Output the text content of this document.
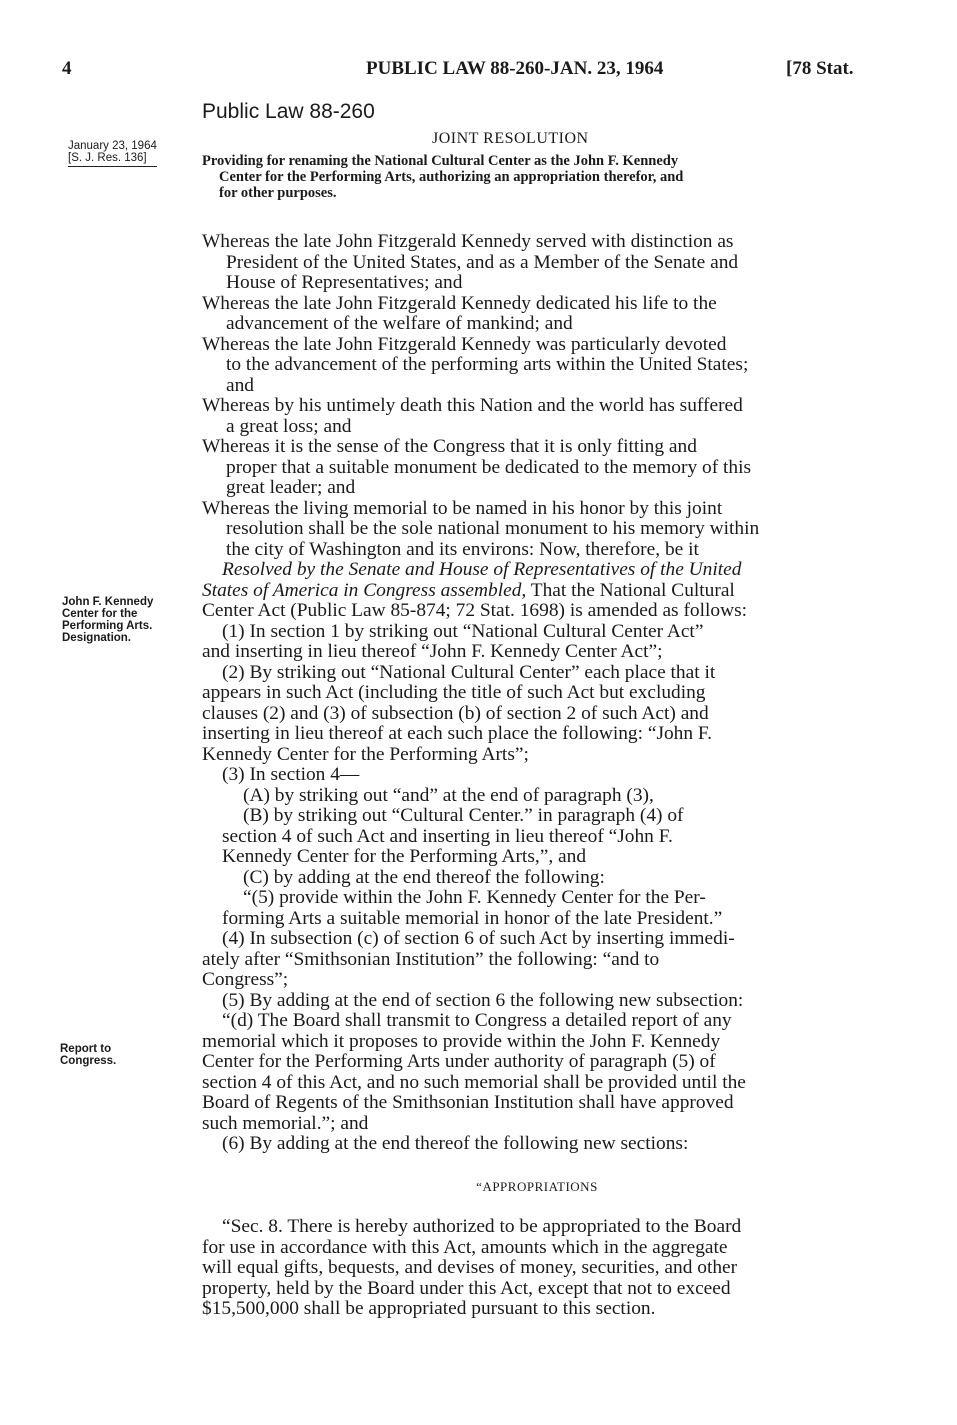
4	PUBLIC LAW 88-260-JAN. 23, 1964	[78 Stat.
Public Law 88-260
January 23, 1964
[S. J. Res. 136]
JOINT RESOLUTION
Providing for renaming the National Cultural Center as the John F. Kennedy
Center for the Performing Arts, authorizing an appropriation therefor, and
for other purposes.
John F. Kennedy
Center for the
Performing Arts.
Designation.
Report to
Congress.
Whereas the late John Fitzgerald Kennedy served with distinction as
President of the United States, and as a Member of the Senate and
House of Representatives; and
Whereas the late John Fitzgerald Kennedy dedicated his life to the
advancement of the welfare of mankind; and
Whereas the late John Fitzgerald Kennedy was particularly devoted
to the advancement of the performing arts within the United States;
and
Whereas by his untimely death this Nation and the world has suffered
a great loss; and
Whereas it is the sense of the Congress that it is only fitting and
proper that a suitable monument be dedicated to the memory of this
great leader; and
Whereas the living memorial to be named in his honor by this joint
resolution shall be the sole national monument to his memory within
the city of Washington and its environs: Now, therefore, be it
Resolved by the Senate and House of Representatives of the United
States of America in Congress assembled, That the National Cultural
Center Act (Public Law 85-874; 72 Stat. 1698) is amended as follows:
(1) In section 1 by striking out “National Cultural Center Act”
and inserting in lieu thereof “John F. Kennedy Center Act”;
(2) By striking out “National Cultural Center” each place that it
appears in such Act (including the title of such Act but excluding
clauses (2) and (3) of subsection (b) of section 2 of such Act) and
inserting in lieu thereof at each such place the following: “John F.
Kennedy Center for the Performing Arts”;
(3) In section 4—
(A) by striking out “and” at the end of paragraph (3),
(B) by striking out “Cultural Center.” in paragraph (4) of
section 4 of such Act and inserting in lieu thereof “John F.
Kennedy Center for the Performing Arts,”, and
(C) by adding at the end thereof the following:
“(5) provide within the John F. Kennedy Center for the Per-
forming Arts a suitable memorial in honor of the late President.”
(4) In subsection (c) of section 6 of such Act by inserting immedi-
ately after “Smithsonian Institution” the following: “and to
Congress”;
(5) By adding at the end of section 6 the following new subsection:
“(d) The Board shall transmit to Congress a detailed report of any
memorial which it proposes to provide within the John F. Kennedy
Center for the Performing Arts under authority of paragraph (5) of
section 4 of this Act, and no such memorial shall be provided until the
Board of Regents of the Smithsonian Institution shall have approved
such memorial.”; and
(6) By adding at the end thereof the following new sections:
“APPROPRIATIONS
“Sec. 8. There is hereby authorized to be appropriated to the Board
for use in accordance with this Act, amounts which in the aggregate
will equal gifts, bequests, and devises of money, securities, and other
property, held by the Board under this Act, except that not to exceed
$15,500,000 shall be appropriated pursuant to this section.
